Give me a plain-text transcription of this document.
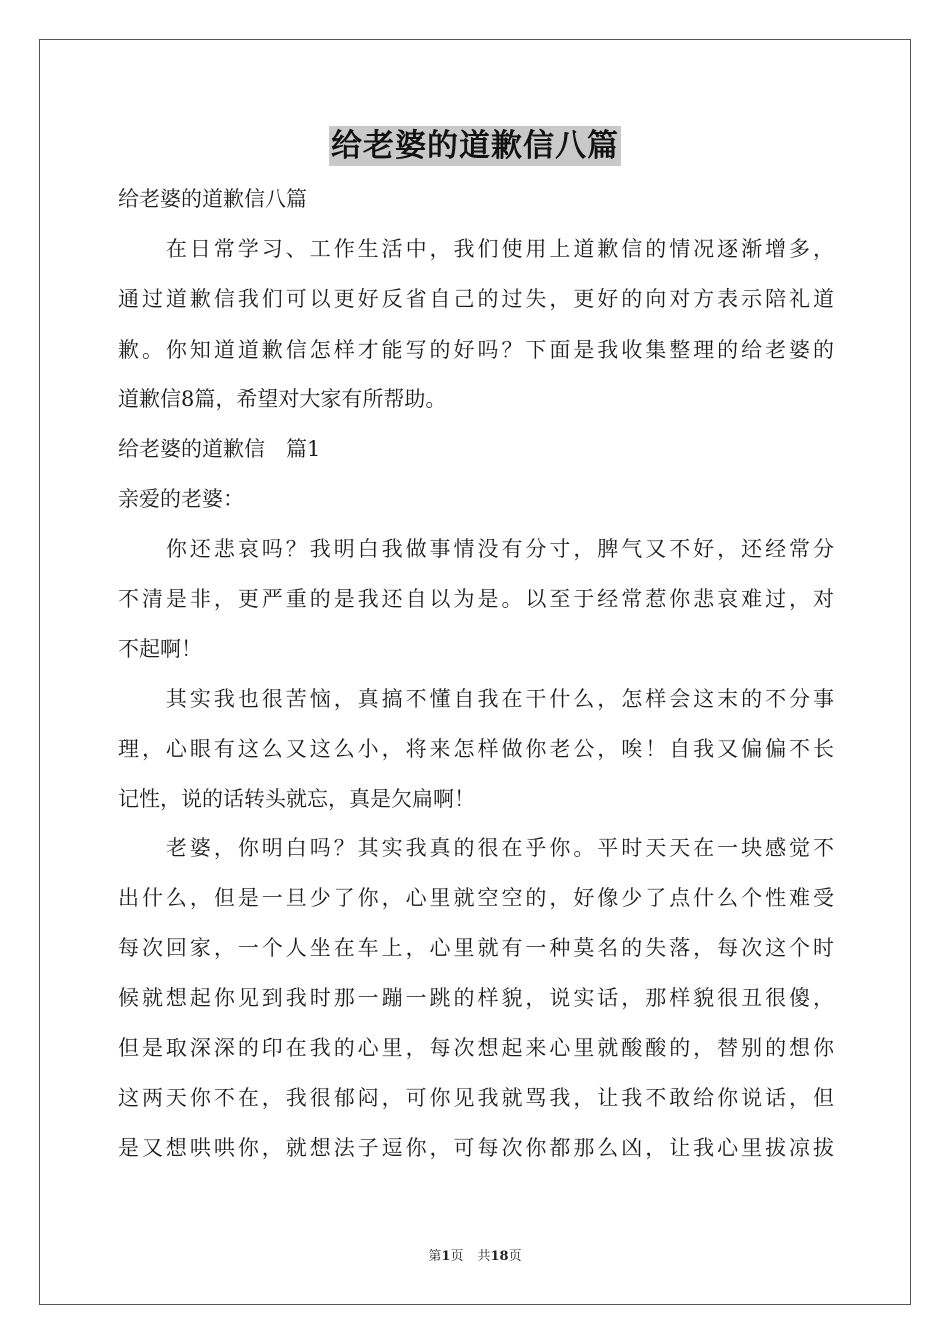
给老婆的道歉信八篇
给老婆的道歉信八篇
　　在日常学习、工作生活中，我们使用上道歉信的情况逐渐增多，
通过道歉信我们可以更好反省自己的过失，更好的向对方表示陪礼道
歉。你知道道歉信怎样才能写的好吗？下面是我收集整理的给老婆的
道歉信8篇，希望对大家有所帮助。
给老婆的道歉信　篇1
亲爱的老婆：
　　你还悲哀吗？我明白我做事情没有分寸，脾气又不好，还经常分
不清是非，更严重的是我还自以为是。以至于经常惹你悲哀难过，对
不起啊！
　　其实我也很苦恼，真搞不懂自我在干什么，怎样会这末的不分事
理，心眼有这么又这么小，将来怎样做你老公，唉！自我又偏偏不长
记性，说的话转头就忘，真是欠扁啊！
　　老婆，你明白吗？其实我真的很在乎你。平时天天在一块感觉不
出什么，但是一旦少了你，心里就空空的，好像少了点什么个性难受
每次回家，一个人坐在车上，心里就有一种莫名的失落，每次这个时
候就想起你见到我时那一蹦一跳的样貌，说实话，那样貌很丑很傻，
但是取深深的印在我的心里，每次想起来心里就酸酸的，替别的想你
这两天你不在，我很郁闷，可你见我就骂我，让我不敢给你说话，但
是又想哄哄你，就想法子逗你，可每次你都那么凶，让我心里拔凉拔
第1页 共18页
